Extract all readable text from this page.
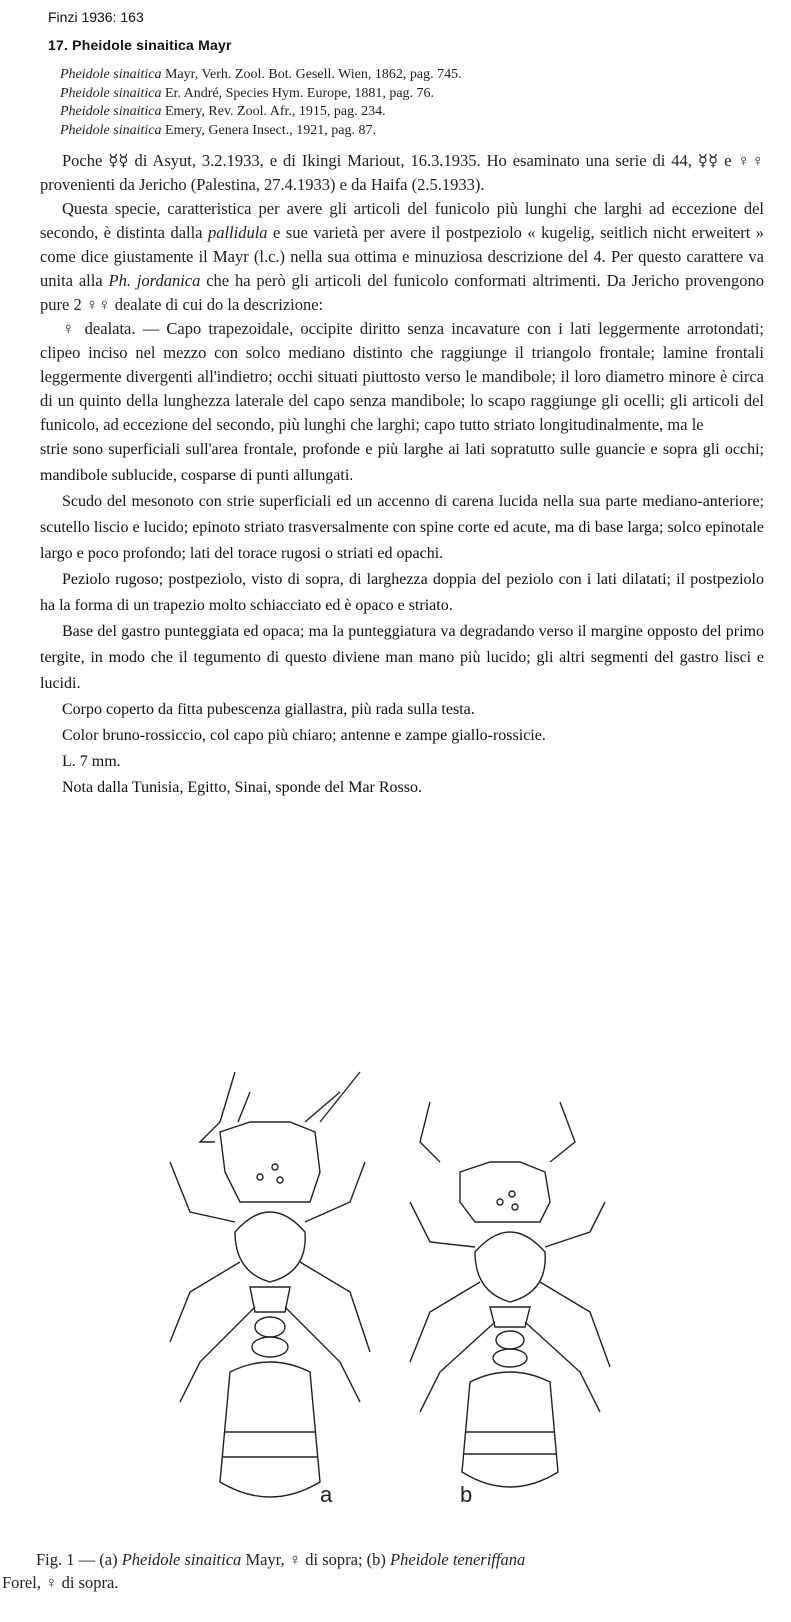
Finzi 1936: 163
17. Pheidole sinaitica Mayr
Pheidole sinaitica Mayr, Verh. Zool. Bot. Gesell. Wien, 1862, pag. 745.
Pheidole sinaitica Er. André, Species Hym. Europe, 1881, pag. 76.
Pheidole sinaitica Emery, Rev. Zool. Afr., 1915, pag. 234.
Pheidole sinaitica Emery, Genera Insect., 1921, pag. 87.

Poche ☿☿ di Asyut, 3.2.1933, e di Ikingi Mariout, 16.3.1935. Ho esaminato una serie di 44, ☿☿ e ♀♀ provenienti da Jericho (Palestina, 27.4.1933) e da Haifa (2.5.1933).

Questa specie, caratteristica per avere gli articoli del funicolo più lunghi che larghi ad eccezione del secondo, è distinta dalla pallidula e sue varietà per avere il postpeziolo « kugelig, seitlich nicht erweitert » come dice giustamente il Mayr (l.c.) nella sua ottima e minuziosa descrizione del 4. Per questo carattere va unita alla Ph. jordanica che ha però gli articoli del funicolo conformati altrimenti. Da Jericho provengono pure 2 ♀♀ dealate di cui do la descrizione:

♀ dealata. — Capo trapezoidale, occipite diritto senza incavature con i lati leggermente arrotondati; clipeo inciso nel mezzo con solco mediano distinto che raggiunge il triangolo frontale; lamine frontali leggermente divergenti all'indietro; occhi situati piuttosto verso le mandibole; il loro diametro minore è circa di un quinto della lunghezza laterale del capo senza mandibole; lo scapo raggiunge gli ocelli; gli articoli del funicolo, ad eccezione del secondo, più lunghi che larghi; capo tutto striato longitudinalmente, ma le

strie sono superficiali sull'area frontale, profonde e più larghe ai lati sopratutto sulle guancie e sopra gli occhi; mandibole sublucide, cosparse di punti allungati.

Scudo del mesonoto con strie superficiali ed un accenno di carena lucida nella sua parte mediano-anteriore; scutello liscio e lucido; epinoto striato trasversalmente con spine corte ed acute, ma di base larga; solco epinotale largo e poco profondo; lati del torace rugosi o striati ed opachi.

Peziolo rugoso; postpeziolo, visto di sopra, di larghezza doppia del peziolo con i lati dilatati; il postpeziolo ha la forma di un trapezio molto schiacciato ed è opaco e striato.

Base del gastro punteggiata ed opaca; ma la punteggiatura va degradando verso il margine opposto del primo tergite, in modo che il tegumento di questo diviene man mano più lucido; gli altri segmenti del gastro lisci e lucidi.

Corpo coperto da fitta pubescenza giallastra, più rada sulla testa.

Color bruno-rossiccio, col capo più chiaro; antenne e zampe giallo-rossicie.

L. 7 mm.

Nota dalla Tunisia, Egitto, Sinai, sponde del Mar Rosso.

a	b
Fig. 1 — (a) Pheidole sinaitica Mayr, ♀ di sopra; (b) Pheidole teneriffana
Forel, ♀ di sopra.
